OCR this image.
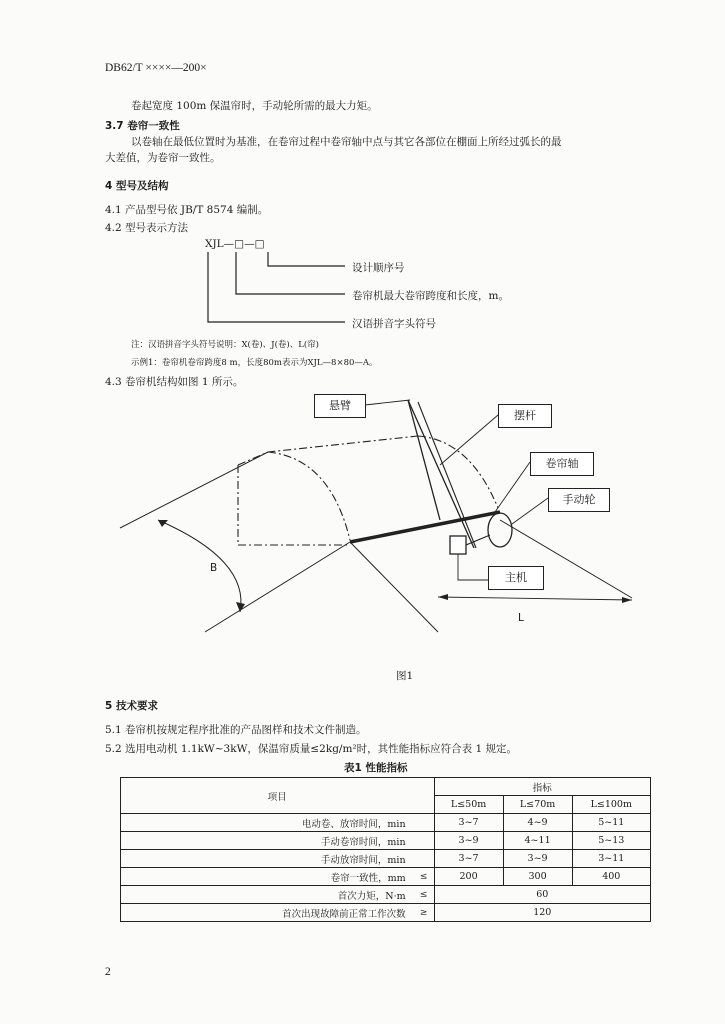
DB62/T ××××—200×
卷起宽度 100m 保温帘时，手动轮所需的最大力矩。
3.7 卷帘一致性
以卷轴在最低位置时为基准，在卷帘过程中卷帘轴中点与其它各部位在棚面上所经过弧长的最
大差值，为卷帘一致性。
4 型号及结构
4.1 产品型号依 JB/T 8574 编制。
4.2 型号表示方法
XJL—□—□
设计顺序号
卷帘机最大卷帘跨度和长度，m。
汉语拼音字头符号
注：汉语拼音字头符号说明：X(卷)、J(卷)、L(帘)
示例1：卷帘机卷帘跨度8 m，长度80m表示为XJL—8×80—A。
4.3 卷帘机结构如图 1 所示。
悬臂
摆杆
卷帘轴
手动轮
主机
B
L
图1
5 技术要求
5.1 卷帘机按规定程序批准的产品图样和技术文件制造。
5.2 选用电动机 1.1kW~3kW，保温帘质量≤2kg/m²时，其性能指标应符合表 1 规定。
表1 性能指标
项目		指标		
		L≤50m	L≤70m	L≤100m
电动卷、放帘时间，min		3~7	4~9	5~11
手动卷帘时间，min		3~9	4~11	5~13
手动放帘时间，min		3~7	3~9	3~11
卷帘一致性，mm	≤	200	300	400
首次力矩，N·m	≤	60		
首次出现故障前正常工作次数	≥	120		
2
